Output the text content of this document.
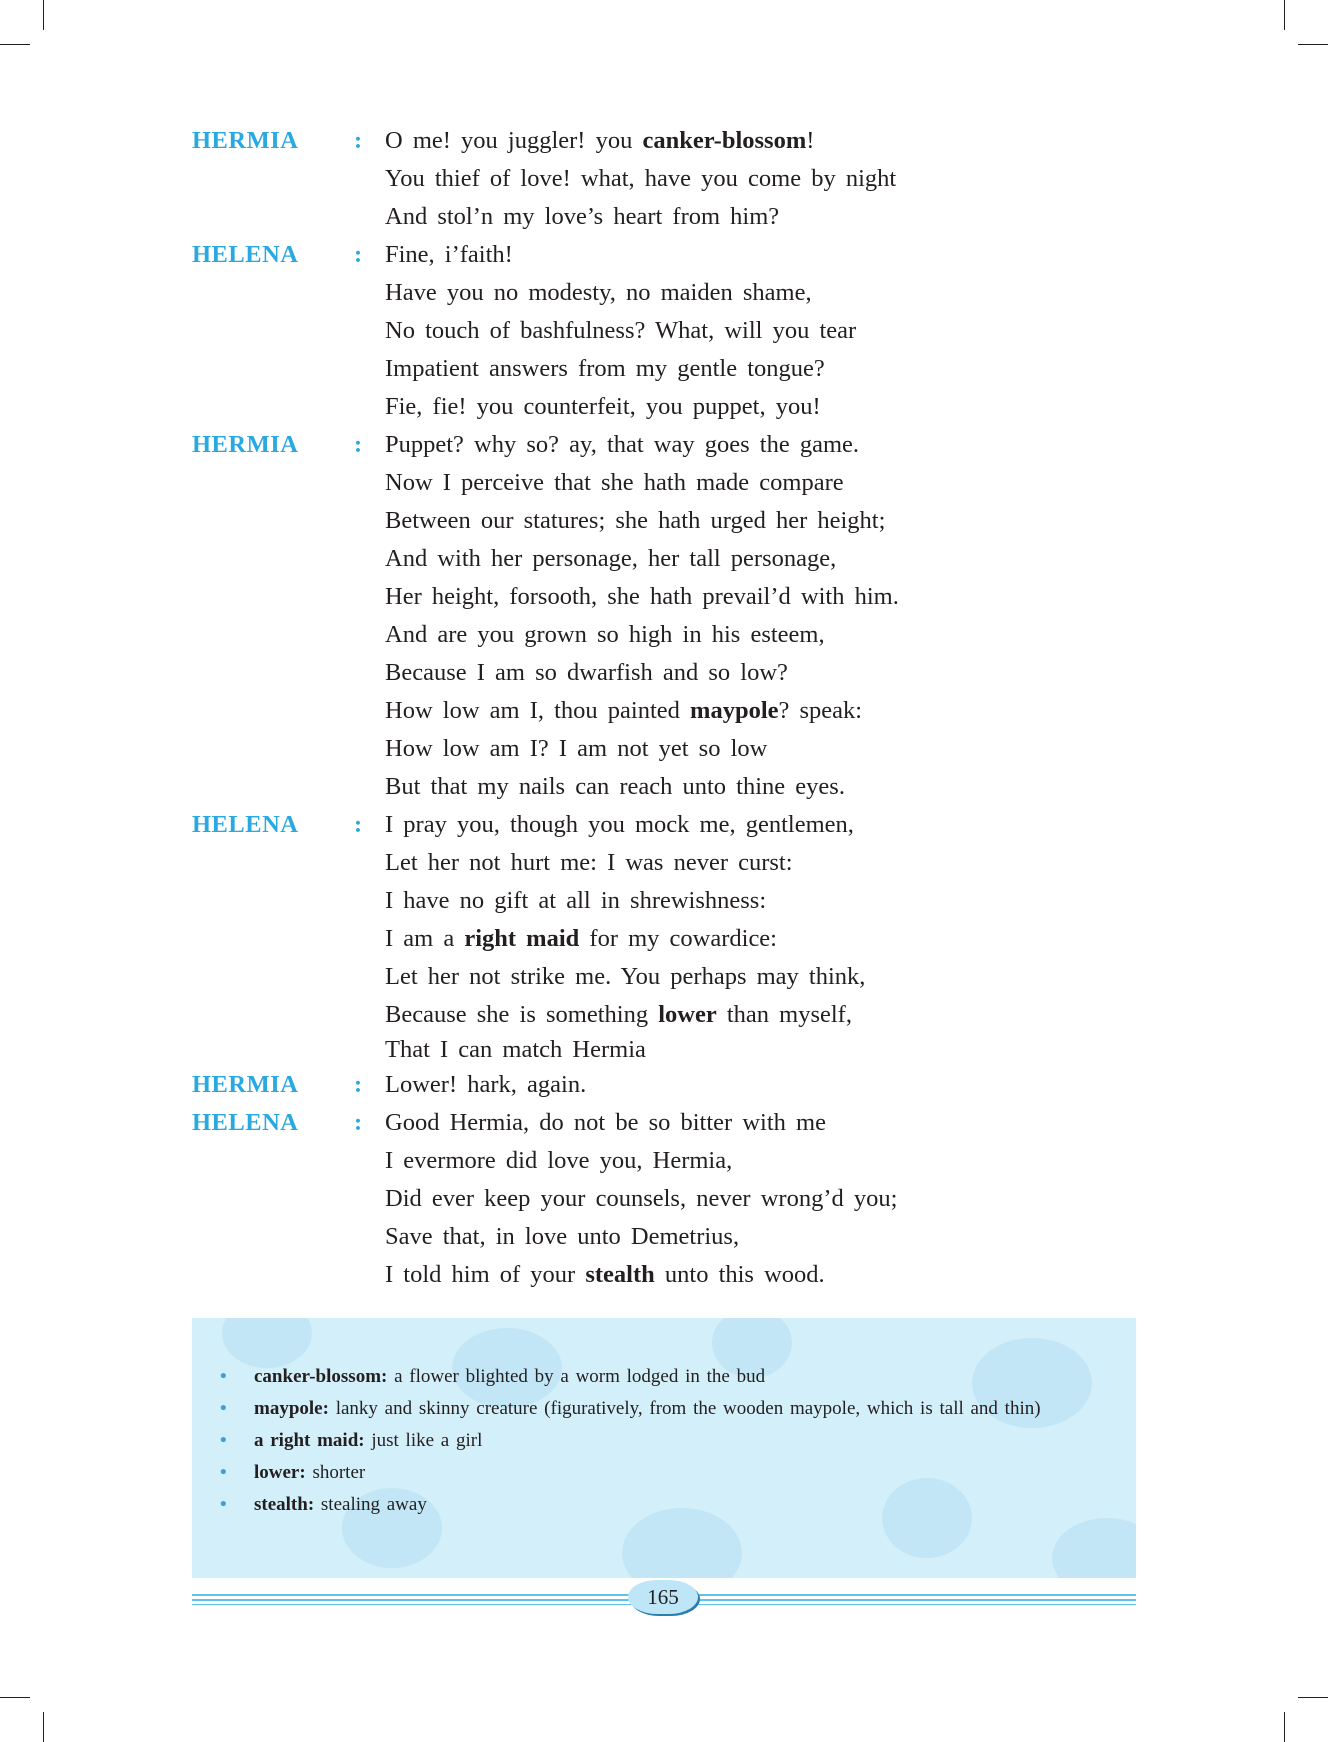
HERMIA : O me! you juggler! you canker-blossom!
You thief of love! what, have you come by night
And stol’n my love’s heart from him?
HELENA : Fine, i’faith!
Have you no modesty, no maiden shame,
No touch of bashfulness? What, will you tear
Impatient answers from my gentle tongue?
Fie, fie! you counterfeit, you puppet, you!
HERMIA : Puppet? why so? ay, that way goes the game.
Now I perceive that she hath made compare
Between our statures; she hath urged her height;
And with her personage, her tall personage,
Her height, forsooth, she hath prevail’d with him.
And are you grown so high in his esteem,
Because I am so dwarfish and so low?
How low am I, thou painted maypole? speak:
How low am I? I am not yet so low
But that my nails can reach unto thine eyes.
HELENA : I pray you, though you mock me, gentlemen,
Let her not hurt me: I was never curst:
I have no gift at all in shrewishness:
I am a right maid for my cowardice:
Let her not strike me. You perhaps may think,
Because she is something lower than myself,
That I can match Hermia
HERMIA : Lower! hark, again.
HELENA : Good Hermia, do not be so bitter with me
I evermore did love you, Hermia,
Did ever keep your counsels, never wrong’d you;
Save that, in love unto Demetrius,
I told him of your stealth unto this wood.
• canker-blossom: a flower blighted by a worm lodged in the bud
• maypole: lanky and skinny creature (figuratively, from the wooden maypole, which is tall and thin)
• a right maid: just like a girl
• lower: shorter
• stealth: stealing away
165
